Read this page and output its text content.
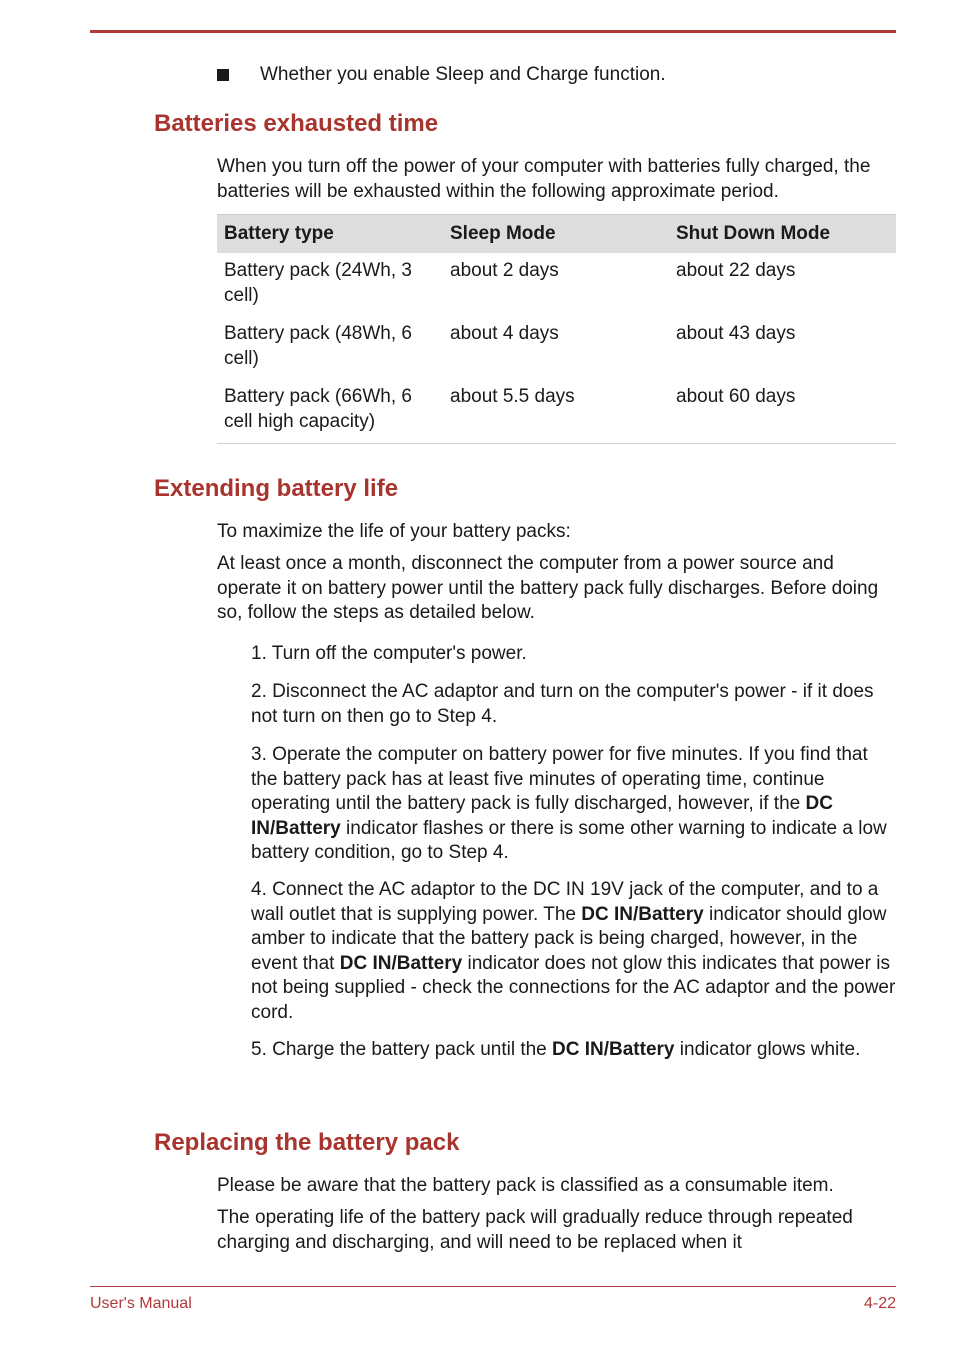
Whether you enable Sleep and Charge function.
Batteries exhausted time
When you turn off the power of your computer with batteries fully charged, the batteries will be exhausted within the following approximate period.
Battery type	Sleep Mode	Shut Down Mode
Battery pack (24Wh, 3 cell)	about 2 days	about 22 days
Battery pack (48Wh, 6 cell)	about 4 days	about 43 days
Battery pack (66Wh, 6 cell high capacity)	about 5.5 days	about 60 days
Extending battery life
To maximize the life of your battery packs:
At least once a month, disconnect the computer from a power source and operate it on battery power until the battery pack fully discharges. Before doing so, follow the steps as detailed below.
1. Turn off the computer's power.
2. Disconnect the AC adaptor and turn on the computer's power - if it does not turn on then go to Step 4.
3. Operate the computer on battery power for five minutes. If you find that the battery pack has at least five minutes of operating time, continue operating until the battery pack is fully discharged, however, if the DC IN/Battery indicator flashes or there is some other warning to indicate a low battery condition, go to Step 4.
4. Connect the AC adaptor to the DC IN 19V jack of the computer, and to a wall outlet that is supplying power. The DC IN/Battery indicator should glow amber to indicate that the battery pack is being charged, however, in the event that DC IN/Battery indicator does not glow this indicates that power is not being supplied - check the connections for the AC adaptor and the power cord.
5. Charge the battery pack until the DC IN/Battery indicator glows white.
Replacing the battery pack
Please be aware that the battery pack is classified as a consumable item.
The operating life of the battery pack will gradually reduce through repeated charging and discharging, and will need to be replaced when it
User's Manual	4-22
